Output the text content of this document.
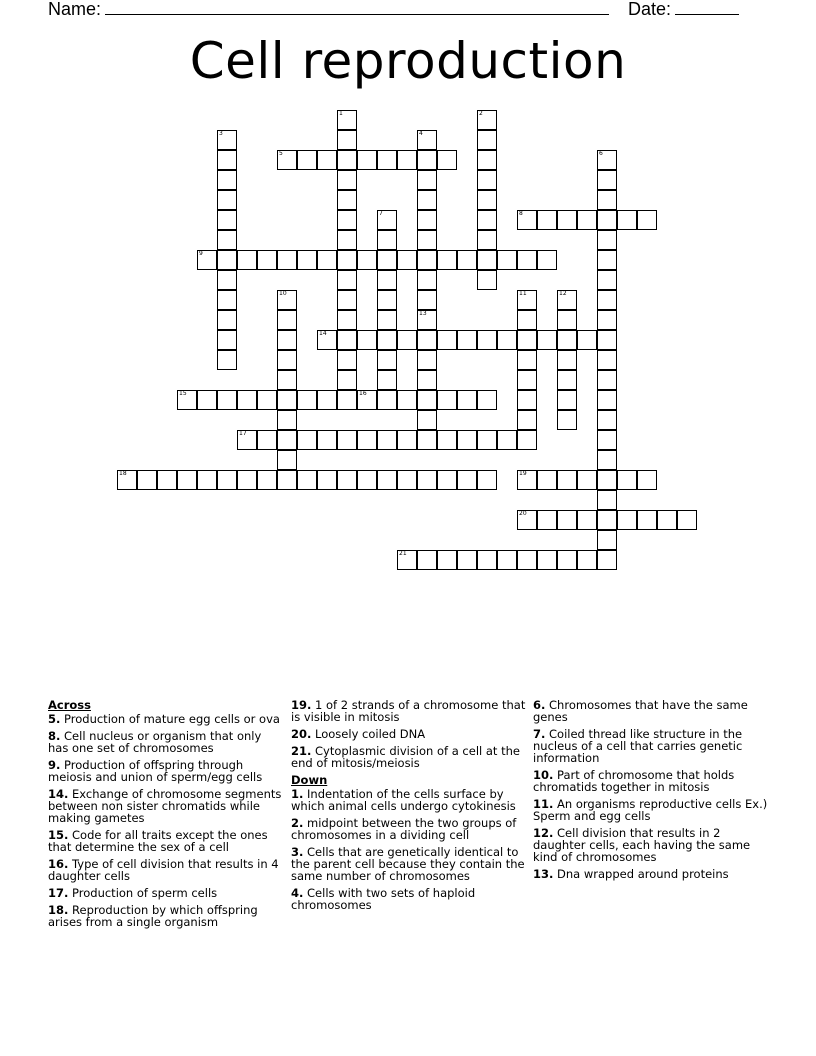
Name:	Date:
Cell reproduction
1	2
3	4
13
5	6
7	8
9
10	11	12
14
15	16
17
18	19
20
21
Across
5. Production of mature egg cells or ova
8. Cell nucleus or organism that only has one set of chromosomes
9. Production of offspring through meiosis and union of sperm/egg cells
14. Exchange of chromosome segments between non sister chromatids while making gametes
15. Code for all traits except the ones that determine the sex of a cell
16. Type of cell division that results in 4 daughter cells
17. Production of sperm cells
18. Reproduction by which offspring arises from a single organism
19. 1 of 2 strands of a chromosome that is visible in mitosis
20. Loosely coiled DNA
21. Cytoplasmic division of a cell at the end of mitosis/meiosis
Down
1. Indentation of the cells surface by which animal cells undergo cytokinesis
2. midpoint between the two groups of chromosomes in a dividing cell
3. Cells that are genetically identical to the parent cell because they contain the same number of chromosomes
4. Cells with two sets of haploid chromosomes
6. Chromosomes that have the same genes
7. Coiled thread like structure in the nucleus of a cell that carries genetic information
10. Part of chromosome that holds chromatids together in mitosis
11. An organisms reproductive cells Ex.) Sperm and egg cells
12. Cell division that results in 2 daughter cells, each having the same kind of chromosomes
13. Dna wrapped around proteins
